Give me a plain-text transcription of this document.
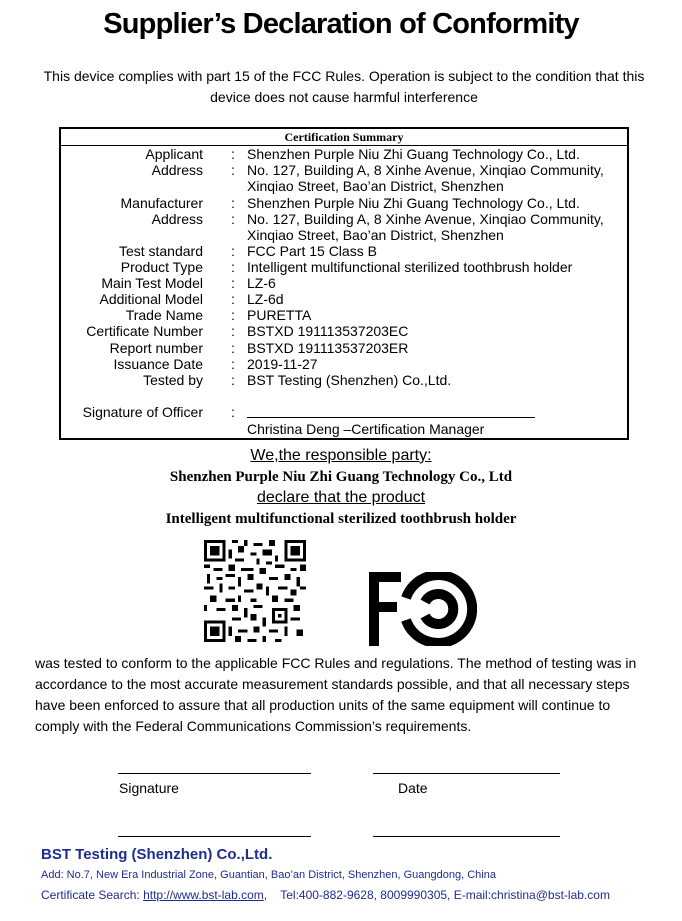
Supplier’s Declaration of Conformity
This device complies with part 15 of the FCC Rules. Operation is subject to the condition that this device does not cause harmful interference
Certification Summary
Applicant : Shenzhen Purple Niu Zhi Guang Technology Co., Ltd.
Address : No. 127, Building A, 8 Xinhe Avenue, Xinqiao Community,
Xinqiao Street, Bao’an District, Shenzhen
Manufacturer : Shenzhen Purple Niu Zhi Guang Technology Co., Ltd.
Address : No. 127, Building A, 8 Xinhe Avenue, Xinqiao Community,
Xinqiao Street, Bao’an District, Shenzhen
Test standard : FCC Part 15 Class B
Product Type : Intelligent multifunctional sterilized toothbrush holder
Main Test Model : LZ-6
Additional Model : LZ-6d
Trade Name : PURETTA
Certificate Number : BSTXD 191113537203EC
Report number : BSTXD 191113537203ER
Issuance Date : 2019-11-27
Tested by : BST Testing (Shenzhen) Co.,Ltd.
Signature of Officer :
Christina Deng –Certification Manager
We,the responsible party:
Shenzhen Purple Niu Zhi Guang Technology Co., Ltd
declare that the product
Intelligent multifunctional sterilized toothbrush holder
was tested to conform to the applicable FCC Rules and regulations. The method of testing was in accordance to the most accurate measurement standards possible, and that all necessary steps have been enforced to assure that all production units of the same equipment will continue to comply with the Federal Communications Commission’s requirements.
Signature	Date
BST Testing (Shenzhen) Co.,Ltd.
Add: No.7, New Era Industrial Zone, Guantian, Bao’an District, Shenzhen, Guangdong, China
Certificate Search: http://www.bst-lab.com,    Tel:400-882-9628, 8009990305, E-mail:christina@bst-lab.com
